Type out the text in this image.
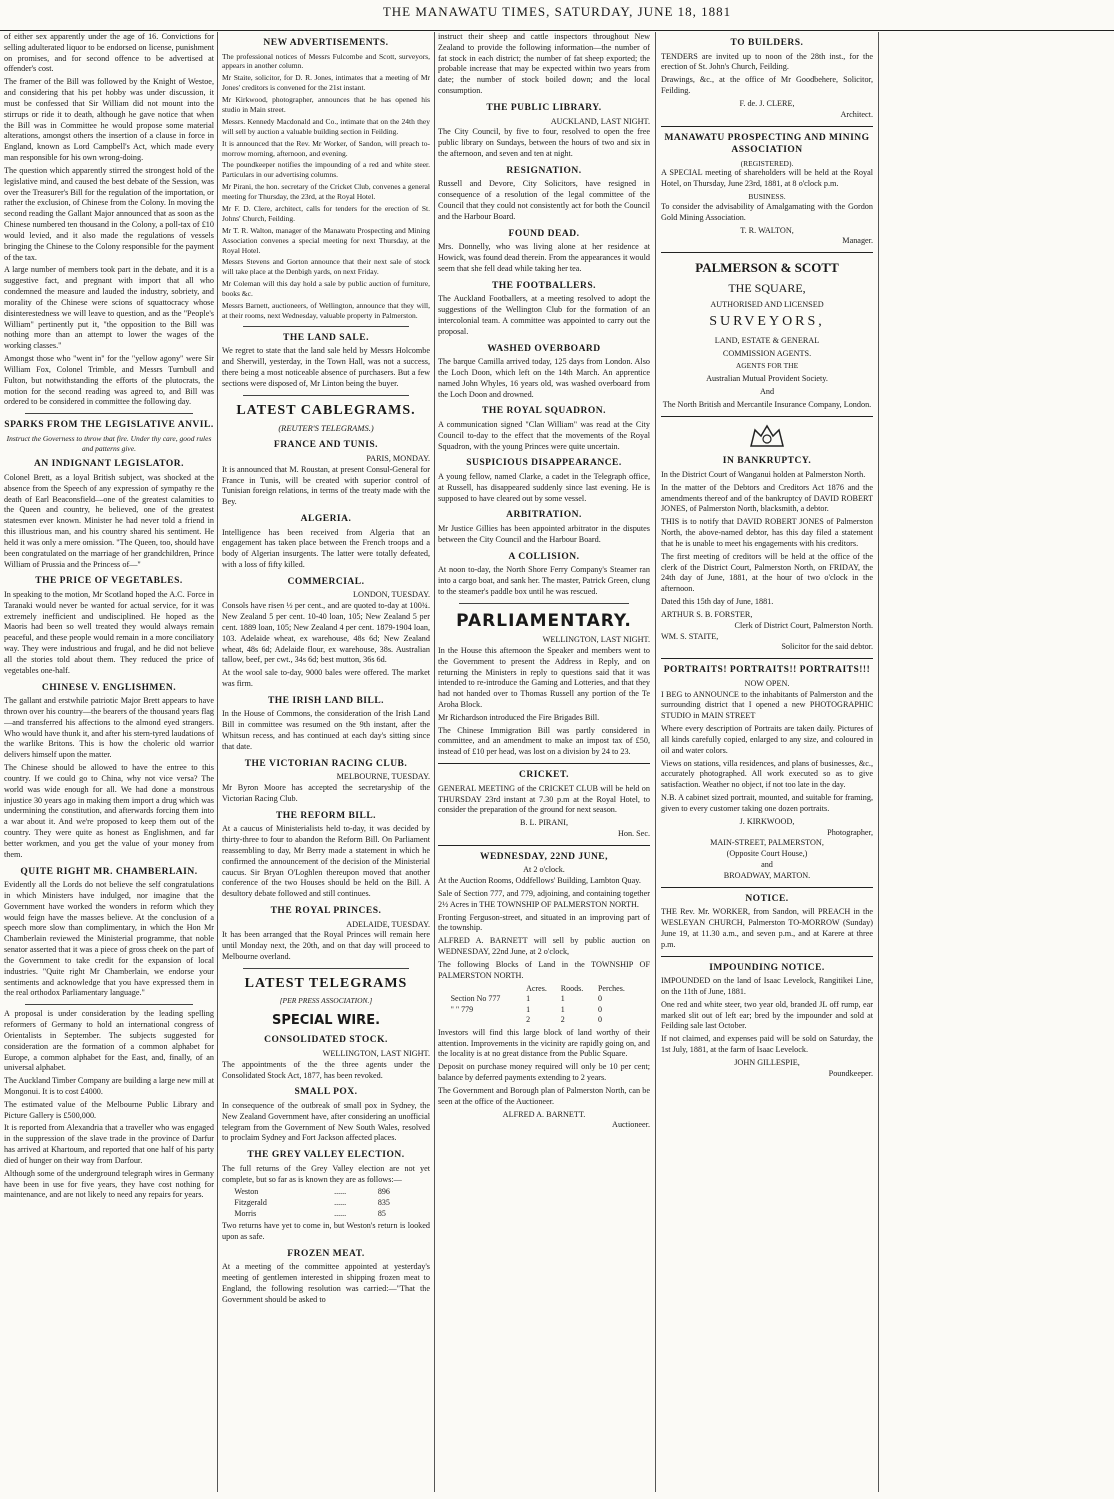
THE MANAWATU TIMES, SATURDAY, JUNE 18, 1881

of either sex apparently under the age of 16. Convictions for selling adulterated liquor to be endorsed on license, punishment on promises, and for second offence to be advertised at offender's cost.

The framer of the Bill was followed by the Knight of Westoe, and considering that his pet hobby was under discussion, it must be confessed that Sir William did not mount into the stirrups or ride it to death, although he gave notice that when the Bill was in Committee he would propose some material alterations, amongst others the insertion of a clause in force in England, known as Lord Campbell's Act, which made every man responsible for his own wrong-doing.

The question which apparently stirred the strongest hold of the legislative mind, and caused the best debate of the Session, was over the Treasurer's Bill for the regulation of the importation, or rather the exclusion, of Chinese from the Colony. In moving the second reading the Gallant Major announced that as soon as the Chinese numbered ten thousand in the Colony, a poll-tax of £10 would levied, and it also made the regulations of vessels bringing the Chinese to the Colony responsible for the payment of the tax.

A large number of members took part in the debate, and it is a suggestive fact, and pregnant with import that all who condemned the measure and lauded the industry, sobriety, and morality of the Chinese were scions of squattocracy whose disinterestedness we will leave to question, and as the "People's William" pertinently put it, "the opposition to the Bill was nothing more than an attempt to lower the wages of the working classes."

Amongst those who "went in" for the "yellow agony" were Sir William Fox, Colonel Trimble, and Messrs Turnbull and Fulton, but notwithstanding the efforts of the plutocrats, the motion for the second reading was agreed to, and Bill was ordered to be considered in committee the following day.

SPARKS FROM THE LEGISLATIVE ANVIL.
Instruct the Governess to throw that fire. Under thy care, good rules and patterns give.
AN INDIGNANT LEGISLATOR.

Colonel Brett, as a loyal British subject, was shocked at the absence from the Speech of any expression of sympathy re the death of Earl Beaconsfield—one of the greatest calamities to the Queen and country, he believed, one of the greatest statesmen ever known. Minister he had never told a friend in this illustrious man, and his country shared his sentiment. He held it was only a mere omission. "The Queen, too, should have been congratulated on the marriage of her grandchildren, Prince William of Prussia and the Princess of—"

THE PRICE OF VEGETABLES.

In speaking to the motion, Mr Scotland hoped the A.C. Force in Taranaki would never be wanted for actual service, for it was extremely inefficient and undisciplined. He hoped as the Maoris had been so well treated they would always remain peaceful, and these people would remain in a more conciliatory way. They were industrious and frugal, and he did not believe all the stories told about them. They reduced the price of vegetables one-half.

CHINESE V. ENGLISHMEN.

The gallant and erstwhile patriotic Major Brett appears to have thrown over his country—the bearers of the thousand years flag—and transferred his affections to the almond eyed strangers. Who would have thunk it, and after his stern-tyred laudations of the warlike Britons. This is how the choleric old warrior delivers himself upon the matter.

The Chinese should be allowed to have the entree to this country. If we could go to China, why not vice versa? The world was wide enough for all. We had done a monstrous injustice 30 years ago in making them import a drug which was undermining the constitution, and afterwards forcing them into a war about it. And we're proposed to keep them out of the country. They were quite as honest as Englishmen, and far better workmen, and you get the value of your money from them.

QUITE RIGHT MR. CHAMBERLAIN.

Evidently all the Lords do not believe the self congratulations in which Ministers have indulged, nor imagine that the Government have worked the wonders in reform which they would feign have the masses believe. At the conclusion of a speech more slow than complimentary, in which the Hon Mr Chamberlain reviewed the Ministerial programme, that noble senator asserted that it was a piece of gross cheek on the part of the Government to take credit for the expansion of local industries. "Quite right Mr Chamberlain, we endorse your sentiments and acknowledge that you have expressed them in the real orthodox Parliamentary language."

A proposal is under consideration by the leading spelling reformers of Germany to hold an international congress of Orientalists in September. The subjects suggested for consideration are the formation of a common alphabet for Europe, a common alphabet for the East, and, finally, of an universal alphabet.

The Auckland Timber Company are building a large new mill at Mongonui. It is to cost £4000.

The estimated value of the Melbourne Public Library and Picture Gallery is £500,000.

It is reported from Alexandria that a traveller who was engaged in the suppression of the slave trade in the province of Darfur has arrived at Khartoum, and reported that one half of his party died of hunger on their way from Darfour.

Although some of the underground telegraph wires in Germany have been in use for five years, they have cost nothing for maintenance, and are not likely to need any repairs for years.

NEW ADVERTISEMENTS.

The professional notices of Messrs Fulcombe and Scott, surveyors, appears in another column.

Mr Staite, solicitor, for D. R. Jones, intimates that a meeting of Mr Jones' creditors is convened for the 21st instant.

Mr Kirkwood, photographer, announces that he has opened his studio in Main street.

Messrs. Kennedy Macdonald and Co., intimate that on the 24th they will sell by auction a valuable building section in Feilding.

It is announced that the Rev. Mr Worker, of Sandon, will preach to-morrow morning, afternoon, and evening.

The poundkeeper notifies the impounding of a red and white steer. Particulars in our advertising columns.

Mr Pirani, the hon. secretary of the Cricket Club, convenes a general meeting for Thursday, the 23rd, at the Royal Hotel.

Mr F. D. Clere, architect, calls for tenders for the erection of St. Johns' Church, Feilding.

Mr T. R. Walton, manager of the Manawatu Prospecting and Mining Association convenes a special meeting for next Thursday, at the Royal Hotel.

Messrs Stevens and Gorton announce that their next sale of stock will take place at the Denbigh yards, on next Friday.

Mr Coleman will this day hold a sale by public auction of furniture, books &c.

Messrs Barnett, auctioneers, of Wellington, announce that they will, at their rooms, next Wednesday, valuable property in Palmerston.

THE LAND SALE.

We regret to state that the land sale held by Messrs Holcombe and Sherwill, yesterday, in the Town Hall, was not a success, there being a most noticeable absence of purchasers. But a few sections were disposed of, Mr Linton being the buyer.

LATEST CABLEGRAMS.
(REUTER'S TELEGRAMS.)
FRANCE AND TUNIS.
PARIS, MONDAY.

It is announced that M. Roustan, at present Consul-General for France in Tunis, will be created with superior control of Tunisian foreign relations, in terms of the treaty made with the Bey.

ALGERIA.

Intelligence has been received from Algeria that an engagement has taken place between the French troops and a body of Algerian insurgents. The latter were totally defeated, with a loss of fifty killed.

COMMERCIAL.
LONDON, TUESDAY.

Consols have risen ½ per cent., and are quoted to-day at 100¾. New Zealand 5 per cent. 10-40 loan, 105; New Zealand 5 per cent. 1889 loan, 105; New Zealand 4 per cent. 1879-1904 loan, 103. Adelaide wheat, ex warehouse, 48s 6d; New Zealand wheat, 48s 6d; Adelaide flour, ex warehouse, 38s. Australian tallow, beef, per cwt., 34s 6d; best mutton, 36s 6d.

At the wool sale to-day, 9000 bales were offered. The market was firm.

THE IRISH LAND BILL.

In the House of Commons, the consideration of the Irish Land Bill in committee was resumed on the 9th instant, after the Whitsun recess, and has continued at each day's sitting since that date.

THE VICTORIAN RACING CLUB.
MELBOURNE, TUESDAY.

Mr Byron Moore has accepted the secretaryship of the Victorian Racing Club.

THE REFORM BILL.

At a caucus of Ministerialists held to-day, it was decided by thirty-three to four to abandon the Reform Bill. On Parliament reassembling to day, Mr Berry made a statement in which he confirmed the announcement of the decision of the Ministerial caucus. Sir Bryan O'Loghlen thereupon moved that another conference of the two Houses should be held on the Bill. A desultory debate followed and still continues.

THE ROYAL PRINCES.
ADELAIDE, TUESDAY.

It has been arranged that the Royal Princes will remain here until Monday next, the 20th, and on that day will proceed to Melbourne overland.

LATEST TELEGRAMS
[PER PRESS ASSOCIATION.]
SPECIAL WIRE.
CONSOLIDATED STOCK.
WELLINGTON, LAST NIGHT.

The appointments of the the three agents under the Consolidated Stock Act, 1877, has been revoked.

SMALL POX.

In consequence of the outbreak of small pox in Sydney, the New Zealand Government have, after considering an unofficial telegram from the Government of New South Wales, resolved to proclaim Sydney and Fort Jackson affected places.

THE GREY VALLEY ELECTION.

The full returns of the Grey Valley election are not yet complete, but so far as is known they are as follows:—

Weston	......	896
Fitzgerald	......	835
Morris	......	85

Two returns have yet to come in, but Weston's return is looked upon as safe.

FROZEN MEAT.

At a meeting of the committee appointed at yesterday's meeting of gentlemen interested in shipping frozen meat to England, the following resolution was carried:—"That the Government should be asked to

instruct their sheep and cattle inspectors throughout New Zealand to provide the following information—the number of fat stock in each district; the number of fat sheep exported; the probable increase that may be expected within two years from date; the number of stock boiled down; and the local consumption.

THE PUBLIC LIBRARY.
AUCKLAND, LAST NIGHT.

The City Council, by five to four, resolved to open the free public library on Sundays, between the hours of two and six in the afternoon, and seven and ten at night.

RESIGNATION.

Russell and Devore, City Solicitors, have resigned in consequence of a resolution of the legal committee of the Council that they could not consistently act for both the Council and the Harbour Board.

FOUND DEAD.

Mrs. Donnelly, who was living alone at her residence at Howick, was found dead therein. From the appearances it would seem that she fell dead while taking her tea.

THE FOOTBALLERS.

The Auckland Footballers, at a meeting resolved to adopt the suggestions of the Wellington Club for the formation of an intercolonial team. A committee was appointed to carry out the proposal.

WASHED OVERBOARD

The barque Camilla arrived today, 125 days from London. Also the Loch Doon, which left on the 14th March. An apprentice named John Whyles, 16 years old, was washed overboard from the Loch Doon and drowned.

THE ROYAL SQUADRON.

A communication signed "Clan William" was read at the City Council to-day to the effect that the movements of the Royal Squadron, with the young Princes were quite uncertain.

SUSPICIOUS DISAPPEARANCE.

A young fellow, named Clarke, a cadet in the Telegraph office, at Russell, has disappeared suddenly since last evening. He is supposed to have cleared out by some vessel.

ARBITRATION.

Mr Justice Gillies has been appointed arbitrator in the disputes between the City Council and the Harbour Board.

A COLLISION.

At noon to-day, the North Shore Ferry Company's Steamer ran into a cargo boat, and sank her. The master, Patrick Green, clung to the steamer's paddle box until he was rescued.

PARLIAMENTARY.
WELLINGTON, LAST NIGHT.

In the House this afternoon the Speaker and members went to the Government to present the Address in Reply, and on returning the Ministers in reply to questions said that it was intended to re-introduce the Gaming and Lotteries, and that they had not handed over to Thomas Russell any portion of the Te Aroha Block.

Mr Richardson introduced the Fire Brigades Bill.

The Chinese Immigration Bill was partly considered in committee, and an amendment to make an impost tax of £50, instead of £10 per head, was lost on a division by 24 to 23.

CRICKET.

GENERAL MEETING of the CRICKET CLUB will be held on THURSDAY 23rd instant at 7.30 p.m at the Royal Hotel, to consider the preparation of the ground for next season.

B. L. PIRANI,
Hon. Sec.
WEDNESDAY, 22ND JUNE,
At 2 o'clock.

At the Auction Rooms, Oddfellows' Building, Lambton Quay.

Sale of Section 777, and 779, adjoining, and containing together 2½ Acres in THE TOWNSHIP OF PALMERSTON NORTH.

Fronting Ferguson-street, and situated in an improving part of the township.

ALFRED A. BARNETT will sell by public auction on WEDNESDAY, 22nd June, at 2 o'clock,

The following Blocks of Land in the TOWNSHIP OF PALMERSTON NORTH.

	Acres.	Roods.	Perches.
Section No 777	1	1	0
" " 779	1	1	0
	2	2	0

Investors will find this large block of land worthy of their attention. Improvements in the vicinity are rapidly going on, and the locality is at no great distance from the Public Square.

Deposit on purchase money required will only be 10 per cent; balance by deferred payments extending to 2 years.

The Government and Borough plan of Palmerston North, can be seen at the office of the Auctioneer.

ALFRED A. BARNETT.
Auctioneer.
TO BUILDERS.

TENDERS are invited up to noon of the 28th inst., for the erection of St. John's Church, Feilding.

Drawings, &c., at the office of Mr Goodbehere, Solicitor, Feilding.

F. de. J. CLERE,
Architect.
MANAWATU PROSPECTING AND MINING ASSOCIATION
(REGISTERED).

A SPECIAL meeting of shareholders will be held at the Royal Hotel, on Thursday, June 23rd, 1881, at 8 o'clock p.m.

BUSINESS.

To consider the advisability of Amalgamating with the Gordon Gold Mining Association.

T. R. WALTON,
Manager.
PALMERSON & SCOTT
THE SQUARE,
AUTHORISED AND LICENSED
SURVEYORS,
LAND, ESTATE & GENERAL
COMMISSION AGENTS.
AGENTS FOR THE
Australian Mutual Provident Society.
And
The North British and Mercantile Insurance Company, London.
IN BANKRUPTCY.

In the District Court of Wanganui holden at Palmerston North.

In the matter of the Debtors and Creditors Act 1876 and the amendments thereof and of the bankruptcy of DAVID ROBERT JONES, of Palmerston North, blacksmith, a debtor.

THIS is to notify that DAVID ROBERT JONES of Palmerston North, the above-named debtor, has this day filed a statement that he is unable to meet his engagements with his creditors.

The first meeting of creditors will be held at the office of the clerk of the District Court, Palmerston North, on FRIDAY, the 24th day of June, 1881, at the hour of two o'clock in the afternoon.

Dated this 15th day of June, 1881.

ARTHUR S. B. FORSTER,
Clerk of District Court, Palmerston North.
WM. S. STAITE,
Solicitor for the said debtor.
PORTRAITS! PORTRAITS!! PORTRAITS!!!
NOW OPEN.

I BEG to ANNOUNCE to the inhabitants of Palmerston and the surrounding district that I opened a new PHOTOGRAPHIC STUDIO in MAIN STREET

Where every description of Portraits are taken daily. Pictures of all kinds carefully copied, enlarged to any size, and coloured in oil and water colors.

Views on stations, villa residences, and plans of businesses, &c., accurately photographed. All work executed so as to give satisfaction. Weather no object, if not too late in the day.

N.B. A cabinet sized portrait, mounted, and suitable for framing, given to every customer taking one dozen portraits.

J. KIRKWOOD,
Photographer,
MAIN-STREET, PALMERSTON,
(Opposite Court House,)
and
BROADWAY, MARTON.
NOTICE.

THE Rev. Mr. WORKER, from Sandon, will PREACH in the WESLEYAN CHURCH, Palmerston TO-MORROW (Sunday) June 19, at 11.30 a.m., and seven p.m., and at Karere at three p.m.

IMPOUNDING NOTICE.

IMPOUNDED on the land of Isaac Levelock, Rangitikei Line, on the 11th of June, 1881.

One red and white steer, two year old, branded JL off rump, ear marked slit out of left ear; bred by the impounder and sold at Feilding sale last October.

If not claimed, and expenses paid will be sold on Saturday, the 1st July, 1881, at the farm of Isaac Levelock.

JOHN GILLESPIE,
Poundkeeper.
